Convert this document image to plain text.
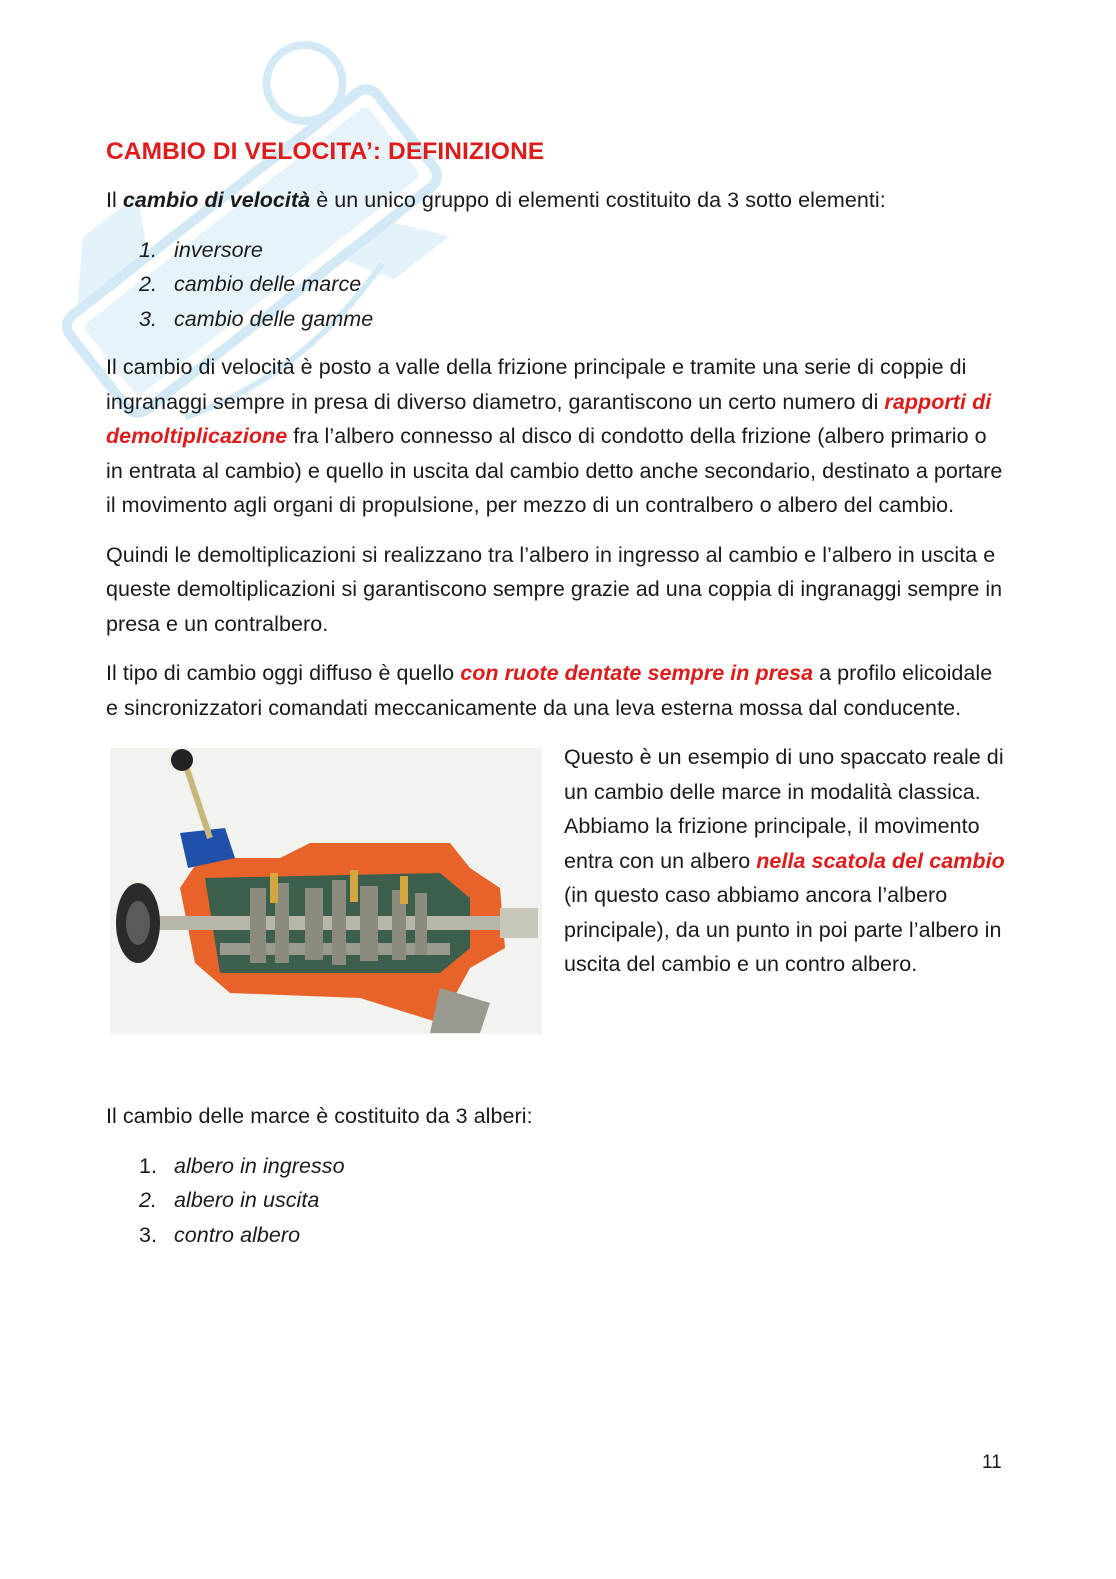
CAMBIO DI VELOCITA’: DEFINIZIONE

Il cambio di velocità è un unico gruppo di elementi costituito da 3 sotto elementi:

1. inversore
2. cambio delle marce
3. cambio delle gamme

Il cambio di velocità è posto a valle della frizione principale e tramite una serie di coppie di ingranaggi sempre in presa di diverso diametro, garantiscono un certo numero di rapporti di demoltiplicazione fra l’albero connesso al disco di condotto della frizione (albero primario o in entrata al cambio) e quello in uscita dal cambio detto anche secondario, destinato a portare il movimento agli organi di propulsione, per mezzo di un contralbero o albero del cambio.

Quindi le demoltiplicazioni si realizzano tra l’albero in ingresso al cambio e l’albero in uscita e queste demoltiplicazioni si garantiscono sempre grazie ad una coppia di ingranaggi sempre in presa e un contralbero.

Il tipo di cambio oggi diffuso è quello con ruote dentate sempre in presa a profilo elicoidale e sincronizzatori comandati meccanicamente da una leva esterna mossa dal conducente.

Questo è un esempio di uno spaccato reale di un cambio delle marce in modalità classica. Abbiamo la frizione principale, il movimento entra con un albero nella scatola del cambio (in questo caso abbiamo ancora l’albero principale), da un punto in poi parte l’albero in uscita del cambio e un contro albero.

Il cambio delle marce è costituito da 3 alberi:

1. albero in ingresso
2. albero in uscita
3. contro albero
11
